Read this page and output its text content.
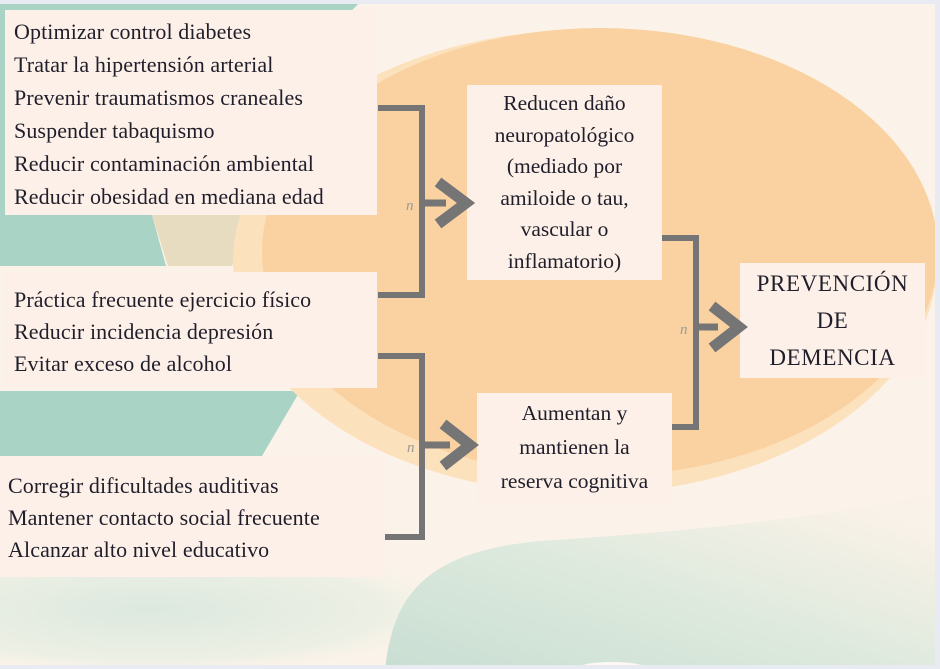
Optimizar control diabetes
Tratar la hipertensión arterial
Prevenir traumatismos craneales
Suspender tabaquismo
Reducir contaminación ambiental
Reducir obesidad en mediana edad
Práctica frecuente ejercicio físico
Reducir incidencia depresión
Evitar exceso de alcohol
Corregir dificultades auditivas
Mantener contacto social frecuente
Alcanzar alto nivel educativo
Reducen daño
neuropatológico
(mediado por
amiloide o tau,
vascular o
inflamatorio)
Aumentan y
mantienen la
reserva cognitiva
PREVENCIÓN
DE
DEMENCIA
n
n
n
